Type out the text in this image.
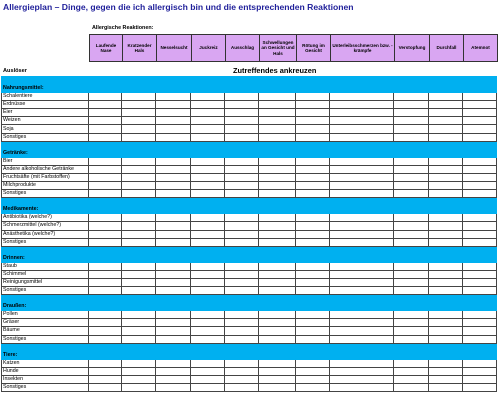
Allergieplan – Dinge, gegen die ich allergisch bin und die entsprechenden Reaktionen
Allergische Reaktionen:
Laufende Nase	Kratzender Hals	Nesselsucht	Juckreiz	Ausschlag	Schwellungen an Gesicht und Hals	Rötung im Gesicht	Unterleibsschmerzen bzw. -krämpfe	Verstopfung	Durchfall	Atemnot
Auslöser	Zutreffendes ankreuzen

Nahrungsmittel:											
Schalentiere											
Erdnüsse											
Eier											
Weizen											
Soja											
Sonstiges											

Getränke:											
Bier											
Andere alkoholische Getränke											
Fruchtsäfte (mit Farbstoffen)											
Milchprodukte											
Sonstiges											

Medikamente:											
Antibiotika (welche?)											
Schmerzmittel (welche?)											
Anästhetika (welche?)											
Sonstiges											

Drinnen:											
Staub											
Schimmel											
Reinigungsmittel											
Sonstiges											

Draußen:											
Pollen											
Gräser											
Bäume											
Sonstiges											

Tiere:											
Katzen											
Hunde											
Insekten											
Sonstiges											
